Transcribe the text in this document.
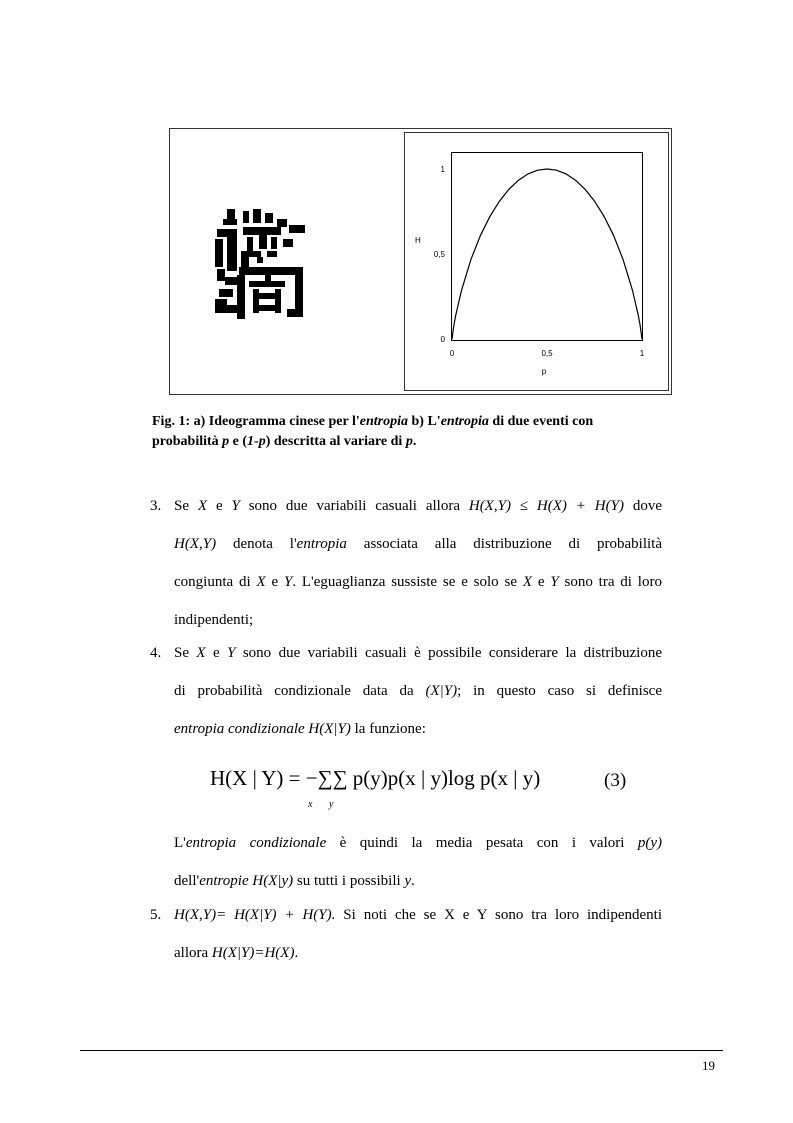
0	0,5	1
0
0,5
1
H
p
Fig. 1: a) Ideogramma cinese per l'entropia b) L'entropia di due eventi con
probabilità p e (1-p) descritta al variare di p.
3. Se X e Y sono due variabili casuali allora H(X,Y) ≤ H(X) + H(Y) dove
H(X,Y) denota l'entropia associata alla distribuzione di probabilità
congiunta di X e Y. L'eguaglianza sussiste se e solo se X e Y sono tra di loro
indipendenti;
4. Se X e Y sono due variabili casuali è possibile considerare la distribuzione
di probabilità condizionale data da (X|Y); in questo caso si definisce
entropia condizionale H(X|Y) la funzione:
H(X | Y) = −∑∑ p(y)p(x | y)log p(x | y)
x y
(3)
L'entropia condizionale è quindi la media pesata con i valori p(y)
dell'entropie H(X|y) su tutti i possibili y.
5. H(X,Y)= H(X|Y) + H(Y). Si noti che se X e Y sono tra loro indipendenti
allora H(X|Y)=H(X).
19
